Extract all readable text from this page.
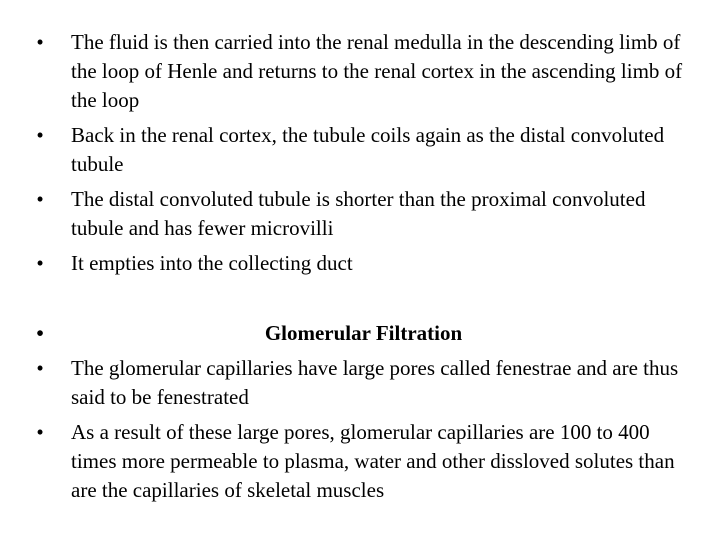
•	The fluid is then carried into the renal medulla in the descending limb of the loop of Henle and returns to the renal cortex in the ascending limb of the loop
•	Back in the renal cortex, the tubule coils again as the distal convoluted tubule
•	The distal convoluted tubule is shorter than the proximal convoluted tubule and has fewer microvilli
•	It empties into the collecting duct
•	Glomerular Filtration
•	The glomerular capillaries have large pores called fenestrae and are thus said to be fenestrated
•	As a result of these large pores, glomerular capillaries are 100 to 400 times more permeable to plasma, water and other dissloved solutes than are the capillaries of skeletal muscles
